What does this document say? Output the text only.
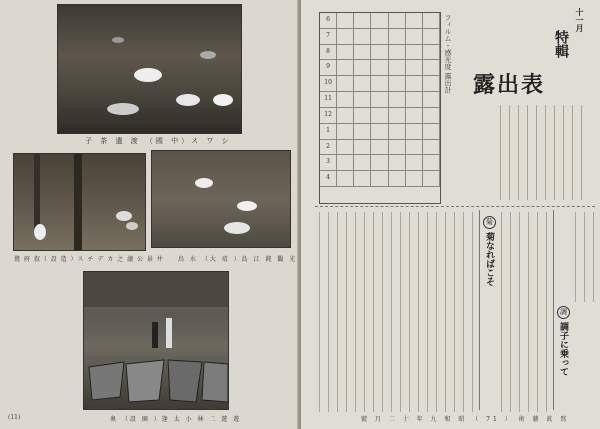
子 茶 遺 渡 （國 中）ス ワ シ
鵞 府 叙（ 設 造 ）ス チ デ カ 之 瀧 公 景 井 鳥 水 （大 靖 ）島 江 鈍 觀 光
奥 （設 園 ）逢 太 小 林 二 遊 遊
(11)
6
7
8
9
10
11
12
1
2
3
4
フィルム・感光度 露出計	十一月
特輯
露出表
菊
菊なればこそ
調
調子に乗って
號 月 二 十 年 九 和 昭 （ 71 ） 術 藝 眞 寫
